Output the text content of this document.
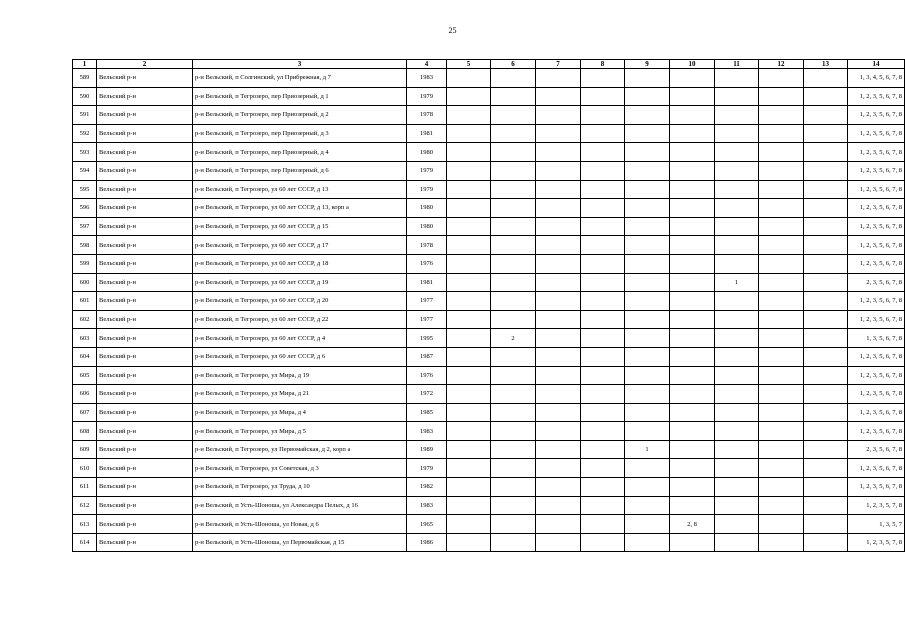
25
1	2	3	4	5	6	7	8	9	10	11	12	13	14
589	Вельский р-н	р-н Вельский, п Солгинский, ул Прибрежная, д 7	1983										1, 3, 4, 5, 6, 7, 8
590	Вельский р-н	р-н Вельский, п Тегрозеро, пер Приозерный, д 1	1979										1, 2, 3, 5, 6, 7, 8
591	Вельский р-н	р-н Вельский, п Тегрозеро, пер Приозерный, д 2	1978										1, 2, 3, 5, 6, 7, 8
592	Вельский р-н	р-н Вельский, п Тегрозеро, пер Приозерный, д 3	1981										1, 2, 3, 5, 6, 7, 8
593	Вельский р-н	р-н Вельский, п Тегрозеро, пер Приозерный, д 4	1980										1, 2, 3, 5, 6, 7, 8
594	Вельский р-н	р-н Вельский, п Тегрозеро, пер Приозерный, д 6	1979										1, 2, 3, 5, 6, 7, 8
595	Вельский р-н	р-н Вельский, п Тегрозеро, ул 60 лет СССР, д 13	1979										1, 2, 3, 5, 6, 7, 8
596	Вельский р-н	р-н Вельский, п Тегрозеро, ул 60 лет СССР, д 13, корп а	1980										1, 2, 3, 5, 6, 7, 8
597	Вельский р-н	р-н Вельский, п Тегрозеро, ул 60 лет СССР, д 15	1980										1, 2, 3, 5, 6, 7, 8
598	Вельский р-н	р-н Вельский, п Тегрозеро, ул 60 лет СССР, д 17	1978										1, 2, 3, 5, 6, 7, 8
599	Вельский р-н	р-н Вельский, п Тегрозеро, ул 60 лет СССР, д 18	1976										1, 2, 3, 5, 6, 7, 8
600	Вельский р-н	р-н Вельский, п Тегрозеро, ул 60 лет СССР, д 19	1981							1			2, 3, 5, 6, 7, 8
601	Вельский р-н	р-н Вельский, п Тегрозеро, ул 60 лет СССР, д 20	1977										1, 2, 3, 5, 6, 7, 8
602	Вельский р-н	р-н Вельский, п Тегрозеро, ул 60 лет СССР, д 22	1977										1, 2, 3, 5, 6, 7, 8
603	Вельский р-н	р-н Вельский, п Тегрозеро, ул 60 лет СССР, д 4	1995		2								1, 3, 5, 6, 7, 8
604	Вельский р-н	р-н Вельский, п Тегрозеро, ул 60 лет СССР, д 6	1987										1, 2, 3, 5, 6, 7, 8
605	Вельский р-н	р-н Вельский, п Тегрозеро, ул Мира, д 19	1976										1, 2, 3, 5, 6, 7, 8
606	Вельский р-н	р-н Вельский, п Тегрозеро, ул Мира, д 21	1972										1, 2, 3, 5, 6, 7, 8
607	Вельский р-н	р-н Вельский, п Тегрозеро, ул Мира, д 4	1985										1, 2, 3, 5, 6, 7, 8
608	Вельский р-н	р-н Вельский, п Тегрозеро, ул Мира, д 5	1983										1, 2, 3, 5, 6, 7, 8
609	Вельский р-н	р-н Вельский, п Тегрозеро, ул Первомайская, д 2, корп а	1989					1					2, 3, 5, 6, 7, 8
610	Вельский р-н	р-н Вельский, п Тегрозеро, ул Советская, д 3	1979										1, 2, 3, 5, 6, 7, 8
611	Вельский р-н	р-н Вельский, п Тегрозеро, ул Труда, д 10	1982										1, 2, 3, 5, 6, 7, 8
612	Вельский р-н	р-н Вельский, п Усть-Шоноша, ул Александра Пелых, д 16	1983										1, 2, 3, 5, 7, 8
613	Вельский р-н	р-н Вельский, п Усть-Шоноша, ул Новая, д 6	1965						2, 8				1, 3, 5, 7
614	Вельский р-н	р-н Вельский, п Усть-Шоноша, ул Первомайская, д 15	1986										1, 2, 3, 5, 7, 8
